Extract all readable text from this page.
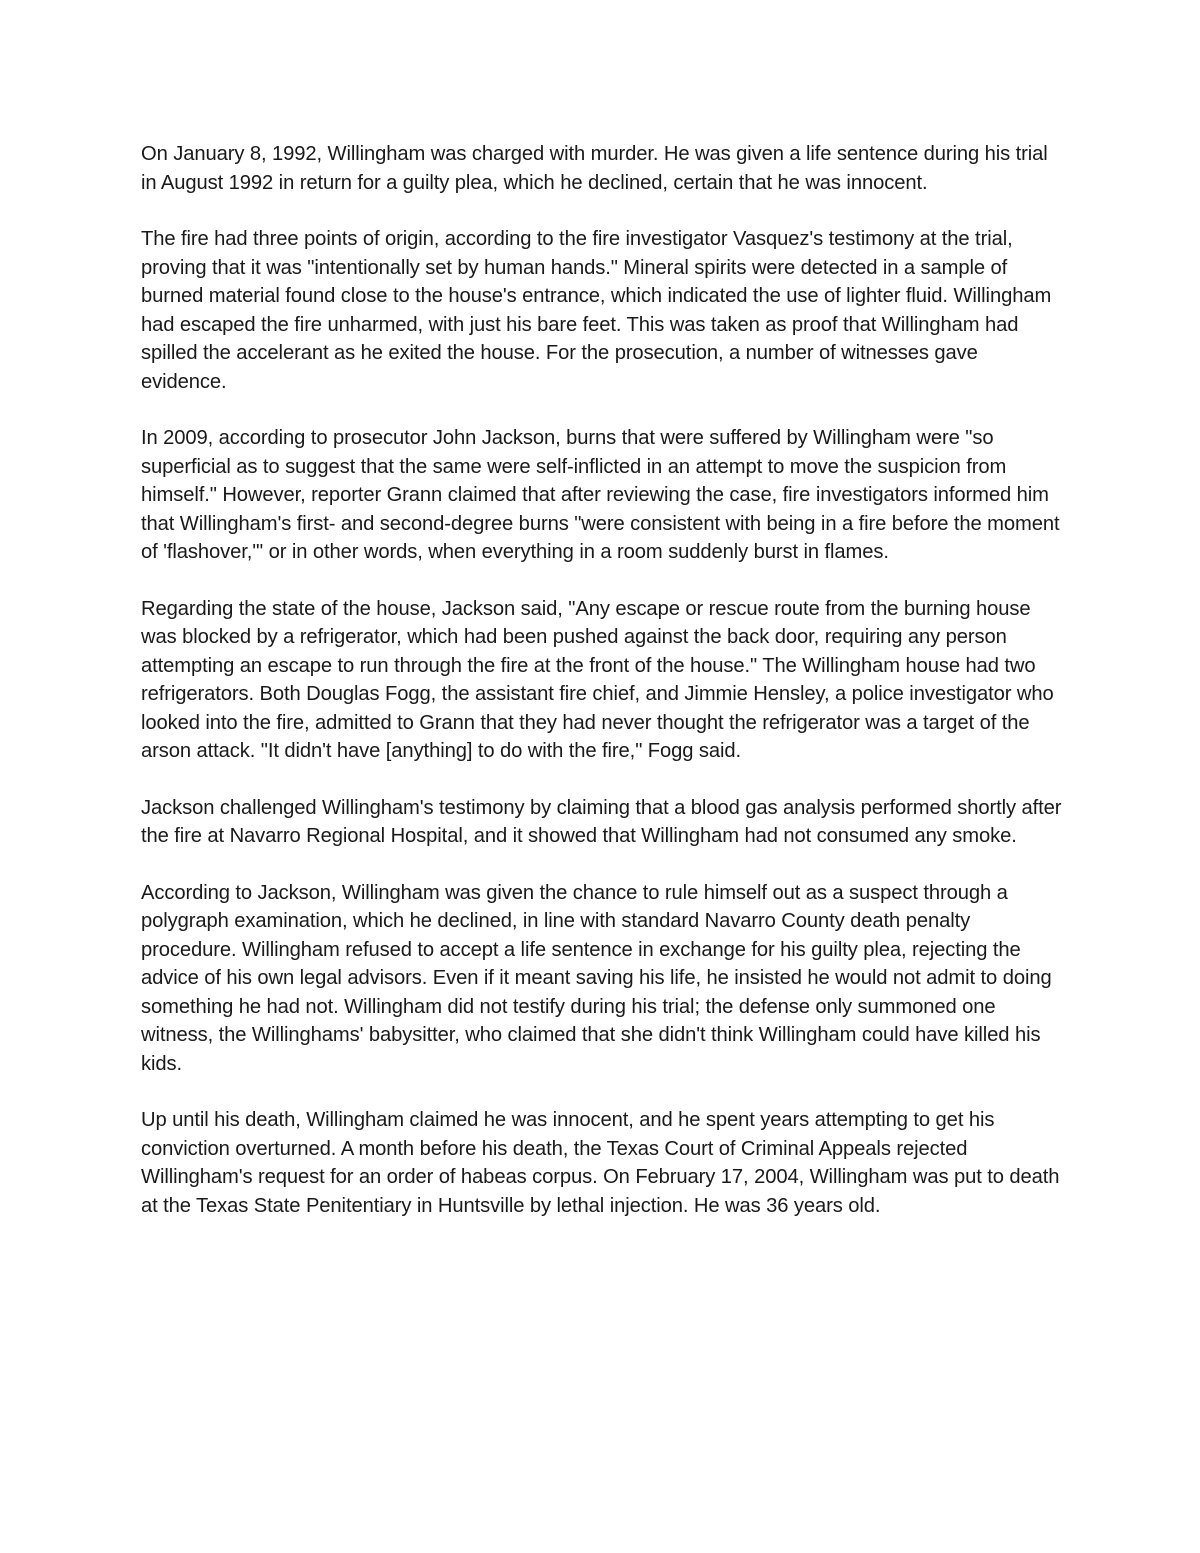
On January 8, 1992, Willingham was charged with murder. He was given a life sentence during his trial in August 1992 in return for a guilty plea, which he declined, certain that he was innocent.

The fire had three points of origin, according to the fire investigator Vasquez's testimony at the trial, proving that it was "intentionally set by human hands." Mineral spirits were detected in a sample of burned material found close to the house's entrance, which indicated the use of lighter fluid. Willingham had escaped the fire unharmed, with just his bare feet. This was taken as proof that Willingham had spilled the accelerant as he exited the house. For the prosecution, a number of witnesses gave evidence.

In 2009, according to prosecutor John Jackson, burns that were suffered by Willingham were "so superficial as to suggest that the same were self-inflicted in an attempt to move the suspicion from himself." However, reporter Grann claimed that after reviewing the case, fire investigators informed him that Willingham's first- and second-degree burns "were consistent with being in a fire before the moment of 'flashover,'" or in other words, when everything in a room suddenly burst in flames.

Regarding the state of the house, Jackson said, "Any escape or rescue route from the burning house was blocked by a refrigerator, which had been pushed against the back door, requiring any person attempting an escape to run through the fire at the front of the house." The Willingham house had two refrigerators. Both Douglas Fogg, the assistant fire chief, and Jimmie Hensley, a police investigator who looked into the fire, admitted to Grann that they had never thought the refrigerator was a target of the arson attack. "It didn't have [anything] to do with the fire," Fogg said.

Jackson challenged Willingham's testimony by claiming that a blood gas analysis performed shortly after the fire at Navarro Regional Hospital, and it showed that Willingham had not consumed any smoke.

According to Jackson, Willingham was given the chance to rule himself out as a suspect through a polygraph examination, which he declined, in line with standard Navarro County death penalty procedure. Willingham refused to accept a life sentence in exchange for his guilty plea, rejecting the advice of his own legal advisors. Even if it meant saving his life, he insisted he would not admit to doing something he had not. Willingham did not testify during his trial; the defense only summoned one witness, the Willinghams' babysitter, who claimed that she didn't think Willingham could have killed his kids.

Up until his death, Willingham claimed he was innocent, and he spent years attempting to get his conviction overturned. A month before his death, the Texas Court of Criminal Appeals rejected Willingham's request for an order of habeas corpus. On February 17, 2004, Willingham was put to death at the Texas State Penitentiary in Huntsville by lethal injection. He was 36 years old.
